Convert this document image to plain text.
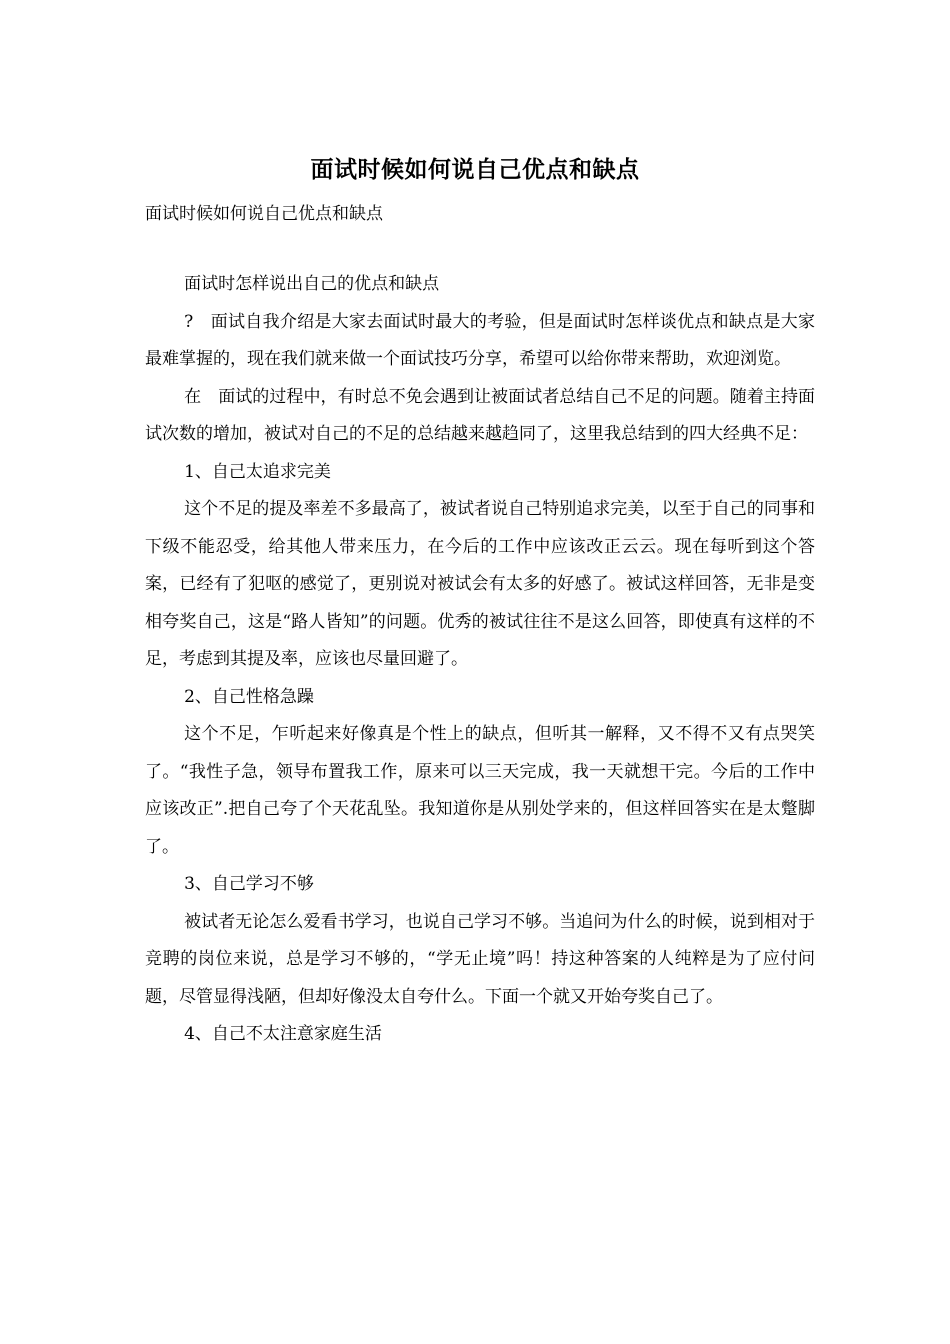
面试时候如何说自己优点和缺点
面试时候如何说自己优点和缺点

面试时怎样说出自己的优点和缺点

?　面试自我介绍是大家去面试时最大的考验，但是面试时怎样谈优点和缺点是大家最难掌握的，现在我们就来做一个面试技巧分享，希望可以给你带来帮助，欢迎浏览。

在　面试的过程中，有时总不免会遇到让被面试者总结自己不足的问题。随着主持面试次数的增加，被试对自己的不足的总结越来越趋同了，这里我总结到的四大经典不足：

1、自己太追求完美

这个不足的提及率差不多最高了，被试者说自己特别追求完美，以至于自己的同事和下级不能忍受，给其他人带来压力，在今后的工作中应该改正云云。现在每听到这个答案，已经有了犯呕的感觉了，更别说对被试会有太多的好感了。被试这样回答，无非是变相夸奖自己，这是“路人皆知”的问题。优秀的被试往往不是这么回答，即使真有这样的不足，考虑到其提及率，应该也尽量回避了。

2、自己性格急躁

这个不足，乍听起来好像真是个性上的缺点，但听其一解释，又不得不又有点哭笑了。“我性子急，领导布置我工作，原来可以三天完成，我一天就想干完。今后的工作中应该改正”.把自己夸了个天花乱坠。我知道你是从别处学来的，但这样回答实在是太蹩脚了。

3、自己学习不够

被试者无论怎么爱看书学习，也说自己学习不够。当追问为什么的时候，说到相对于竞聘的岗位来说，总是学习不够的，“学无止境”吗！持这种答案的人纯粹是为了应付问题，尽管显得浅陋，但却好像没太自夸什么。下面一个就又开始夸奖自己了。

4、自己不太注意家庭生活
